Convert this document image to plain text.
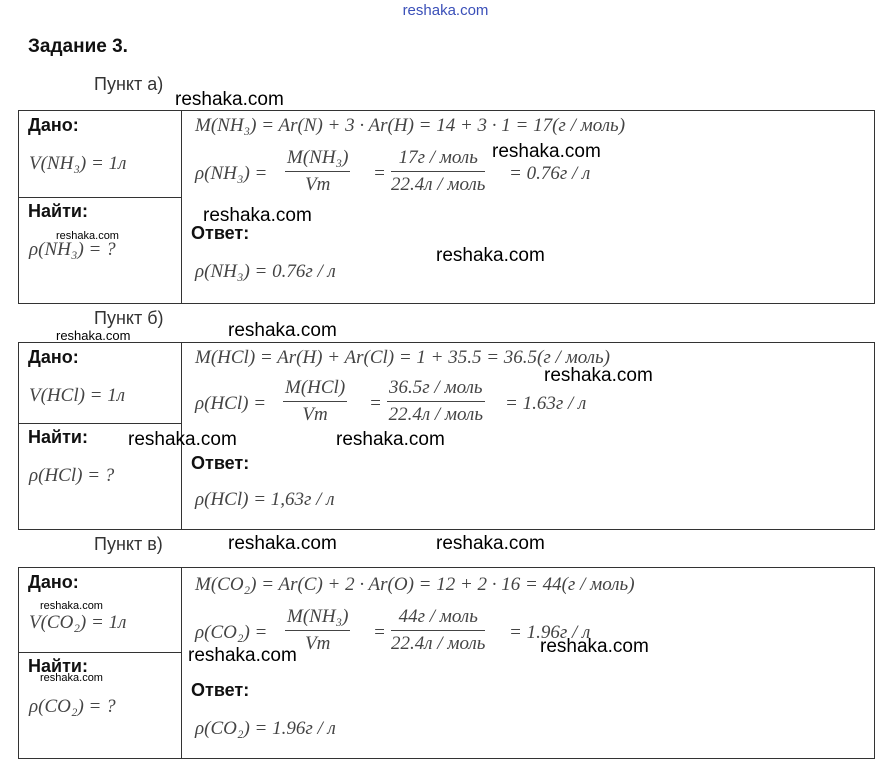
reshaka.com
Задание 3.
Пункт а)
Дано:
V(NH₃) = 1л
Найти:
ρ(NH₃) = ?
M(NH₃) = Ar(N) + 3 · Ar(H) = 14 + 3 · 1 = 17(г / моль)
$\rho(NH_3) = \frac{\text{M(NH₃)}}{Vm}$ =
17г / моль
22.4л / моль
= 0.76г / л
Ответ:
ρ(NH₃) = 0.76г / л
Пункт б)
Дано:
V(HCl) = 1л
Найти:
ρ(HCl) = ?
M(HCl) = Ar(H) + Ar(Cl) = 1 + 35.5 = 36.5(г / моль)
ρ(HCl) =
M(HCl)
Vm
=
36.5г / моль
22.4л / моль
= 1.63г / л
Ответ:
ρ(HCl) = 1,63г / л
Пункт в)
Дано:
V(CO₂) = 1л
Найти:
ρ(CO₂) = ?
M(CO₂) = Ar(C) + 2 · Ar(O) = 12 + 2 · 16 = 44(г / моль)
$\rho(CO_2) = \frac{\text{M(NH₃)}}{Vm}$ =
44г / моль
22.4л / моль
= 1.96г / л
Ответ:
ρ(CO₂) = 1.96г / л
reshaka.com
reshaka.com
reshaka.com
reshaka.com
reshaka.com
reshaka.com
reshaka.com
reshaka.com
reshaka.com	reshaka.com
reshaka.com	reshaka.com
reshaka.com
reshaka.com
reshaka.com
reshaka.com
